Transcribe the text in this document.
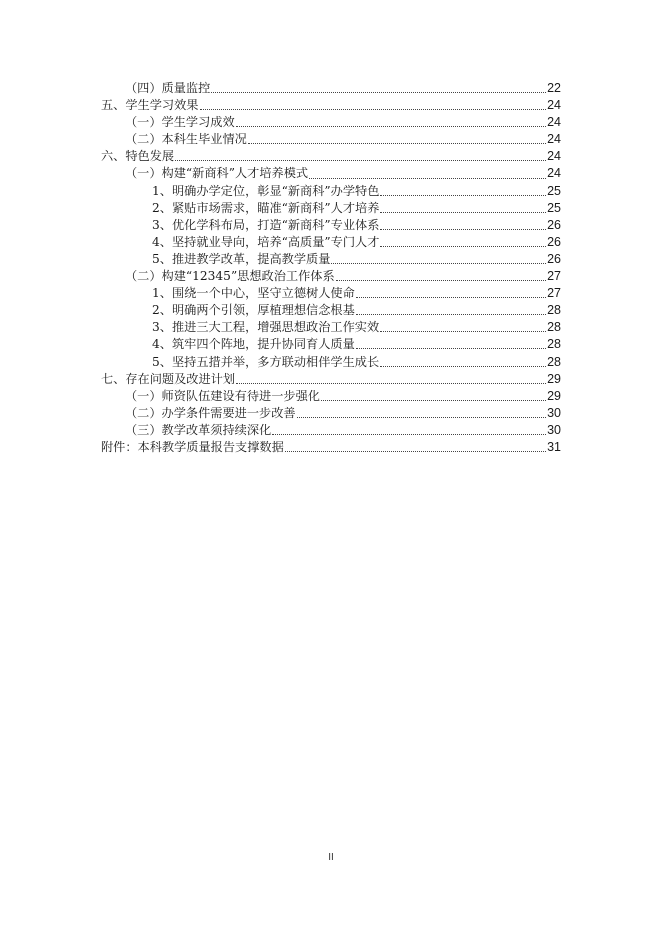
（四）质量监控	22
五、学生学习效果	24
（一）学生学习成效	24
（二）本科生毕业情况	24
六、特色发展	24
（一）构建“新商科”人才培养模式	24
1、明确办学定位，彰显“新商科”办学特色	25
2、紧贴市场需求，瞄准“新商科”人才培养	25
3、优化学科布局，打造“新商科”专业体系	26
4、坚持就业导向，培养“高质量”专门人才	26
5、推进教学改革，提高教学质量	26
（二）构建“12345”思想政治工作体系	27
1、围绕一个中心，坚守立德树人使命	27
2、明确两个引领，厚植理想信念根基	28
3、推进三大工程，增强思想政治工作实效	28
4、筑牢四个阵地，提升协同育人质量	28
5、坚持五措并举，多方联动相伴学生成长	28
七、存在问题及改进计划	29
（一）师资队伍建设有待进一步强化	29
（二）办学条件需要进一步改善	30
（三）教学改革须持续深化	30
附件：本科教学质量报告支撑数据	31
II
